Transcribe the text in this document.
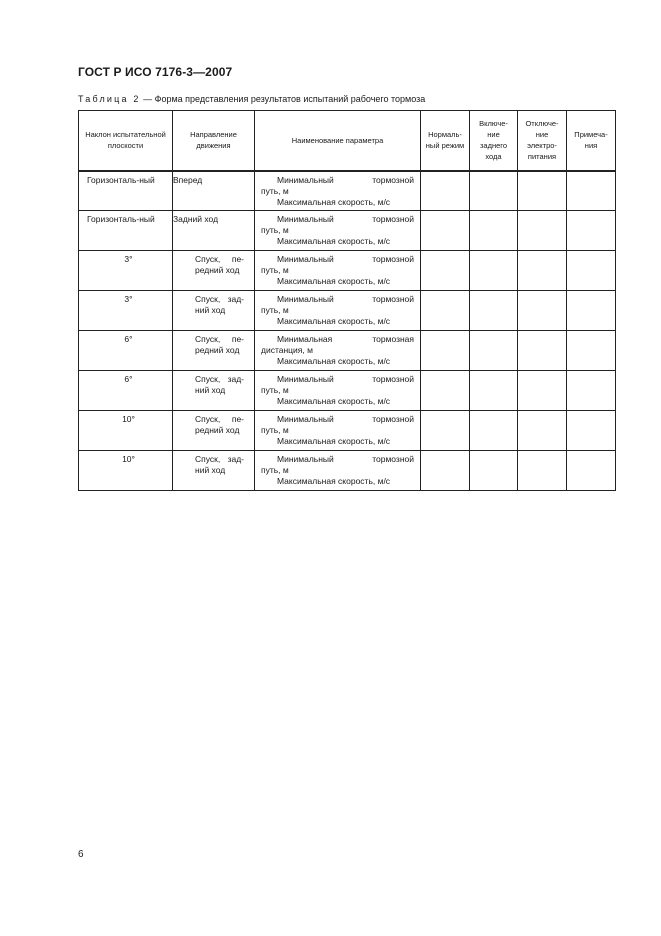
ГОСТ Р ИСО 7176-3—2007
Таблица 2 — Форма представления результатов испытаний рабочего тормоза
Наклон испытательной плоскости	Направление движения	Наименование параметра	Нормаль-ный режим	Включе-ние заднего хода	Отключе-ние электро-питания	Примеча-ния
Горизонталь-ный	Вперед	Минимальный тормозной
путь, м
Максимальная скорость, м/с				

Горизонталь-ный	Задний ход	Минимальный тормозной
путь, м
Максимальная скорость, м/с				

3°	Спуск, пе-редний ход	Минимальный тормозной
путь, м
Максимальная скорость, м/с				

3°	Спуск, зад-ний ход	Минимальный тормозной
путь, м
Максимальная скорость, м/с				

6°	Спуск, пе-редний ход	Минимальная тормозная
дистанция, м
Максимальная скорость, м/с				

6°	Спуск, зад-ний ход	Минимальный тормозной
путь, м
Максимальная скорость, м/с				

10°	Спуск, пе-редний ход	Минимальный тормозной
путь, м
Максимальная скорость, м/с				

10°	Спуск, зад-ний ход	Минимальный тормозной
путь, м
Максимальная скорость, м/с				

6
